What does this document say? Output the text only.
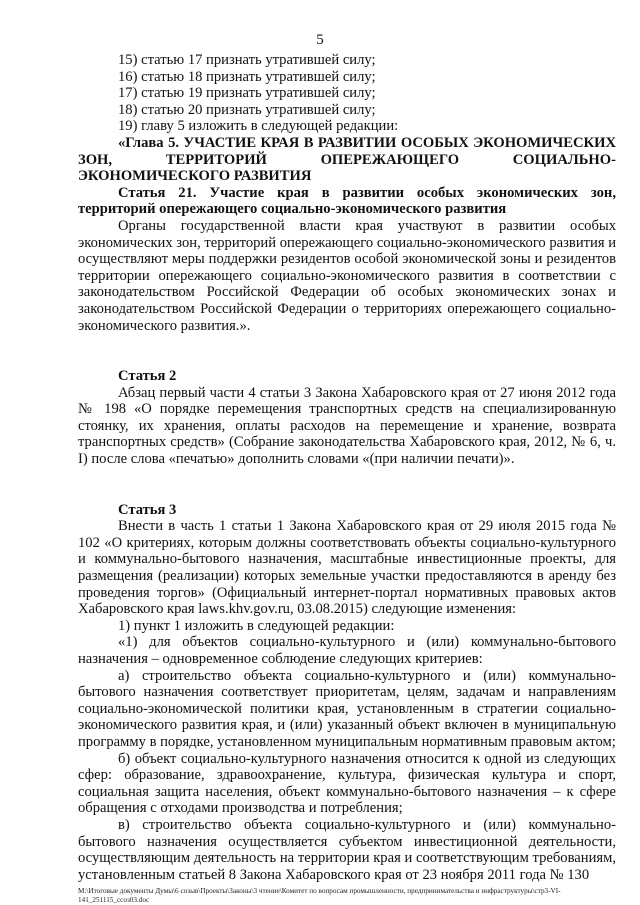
5

15) статью 17 признать утратившей силу;

16) статью 18 признать утратившей силу;

17) статью 19 признать утратившей силу;

18) статью 20 признать утратившей силу;

19) главу 5 изложить в следующей редакции:

«Глава 5. УЧАСТИЕ КРАЯ В РАЗВИТИИ ОСОБЫХ ЭКОНОМИЧЕСКИХ ЗОН, ТЕРРИТОРИЙ ОПЕРЕЖАЮЩЕГО СОЦИАЛЬНО-ЭКОНОМИЧЕСКОГО РАЗВИТИЯ

Статья 21. Участие края в развитии особых экономических зон, территорий опережающего социально-экономического развития

Органы государственной власти края участвуют в развитии особых экономических зон, территорий опережающего социально-экономического развития и осуществляют меры поддержки резидентов особой экономической зоны и резидентов территории опережающего социально-экономического развития в соответствии с законодательством Российской Федерации об особых экономических зонах и законодательством Российской Федерации о территориях опережающего социально-экономического развития.».

Статья 2

Абзац первый части 4 статьи 3 Закона Хабаровского края от 27 июня 2012 года № 198 «О порядке перемещения транспортных средств на специализированную стоянку, их хранения, оплаты расходов на перемещение и хранение, возврата транспортных средств» (Собрание законодательства Хабаровского края, 2012, № 6, ч. I) после слова «печатью» дополнить словами «(при наличии печати)».

Статья 3

Внести в часть 1 статьи 1 Закона Хабаровского края от 29 июля 2015 года № 102 «О критериях, которым должны соответствовать объекты социально-культурного и коммунально-бытового назначения, масштабные инвестиционные проекты, для размещения (реализации) которых земельные участки предоставляются в аренду без проведения торгов» (Официальный интернет-портал нормативных правовых актов Хабаровского края laws.khv.gov.ru, 03.08.2015) следующие изменения:

1) пункт 1 изложить в следующей редакции:

«1) для объектов социально-культурного и (или) коммунально-бытового назначения – одновременное соблюдение следующих критериев:

а) строительство объекта социально-культурного и (или) коммунально-бытового назначения соответствует приоритетам, целям, задачам и направлениям социально-экономической политики края, установленным в стратегии социально-экономического развития края, и (или) указанный объект включен в муниципальную программу в порядке, установленном муниципальным нормативным правовым актом;

б) объект социально-культурного назначения относится к одной из следующих сфер: образование, здравоохранение, культура, физическая культура и спорт, социальная защита населения, объект коммунально-бытового назначения – к сфере обращения с отходами производства и потребления;

в) строительство объекта социально-культурного и (или) коммунально-бытового назначения осуществляется субъектом инвестиционной деятельности, осуществляющим деятельность на территории края и соответствующим требованиям, установленным статьей 8 Закона Хабаровского края от 23 ноября 2011 года № 130

M:\Итоговые документы Думы\6 созыв\Проекты\Законы\3 чтение\Комитет по вопросам промышленности, предпринимательства и инфраструктуры\стр3-VI-141_251115_ссоз03.doc
